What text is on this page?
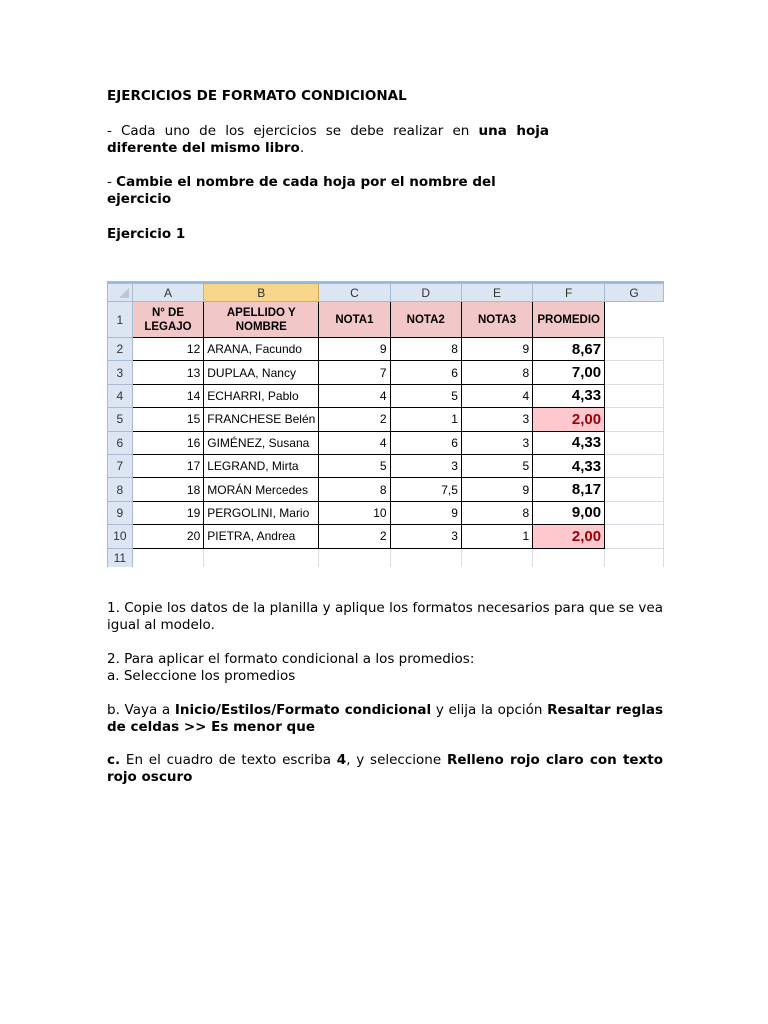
EJERCICIOS DE FORMATO CONDICIONAL
- Cada uno de los ejercicios se debe realizar en una hoja diferente del mismo libro.
- Cambie el nombre de cada hoja por el nombre del ejercicio
Ejercicio 1
	A	B	C	D	E	F	G
1	N° DE LEGAJO	APELLIDO Y NOMBRE	NOTA1	NOTA2	NOTA3	PROMEDIO	
2	12	ARANA, Facundo	9	8	9	8,67	
3	13	DUPLAA, Nancy	7	6	8	7,00	
4	14	ECHARRI, Pablo	4	5	4	4,33	
5	15	FRANCHESE Belén	2	1	3	2,00	
6	16	GIMÉNEZ, Susana	4	6	3	4,33	
7	17	LEGRAND, Mirta	5	3	5	4,33	
8	18	MORÁN Mercedes	8	7,5	9	8,17	
9	19	PERGOLINI, Mario	10	9	8	9,00	
10	20	PIETRA, Andrea	2	3	1	2,00	
11							
1. Copie los datos de la planilla y aplique los formatos necesarios para que se vea igual al modelo.
2. Para aplicar el formato condicional a los promedios:
a. Seleccione los promedios
b. Vaya a Inicio/Estilos/Formato condicional y elija la opción Resaltar reglas de celdas >> Es menor que
c. En el cuadro de texto escriba 4, y seleccione Relleno rojo claro con texto rojo oscuro
